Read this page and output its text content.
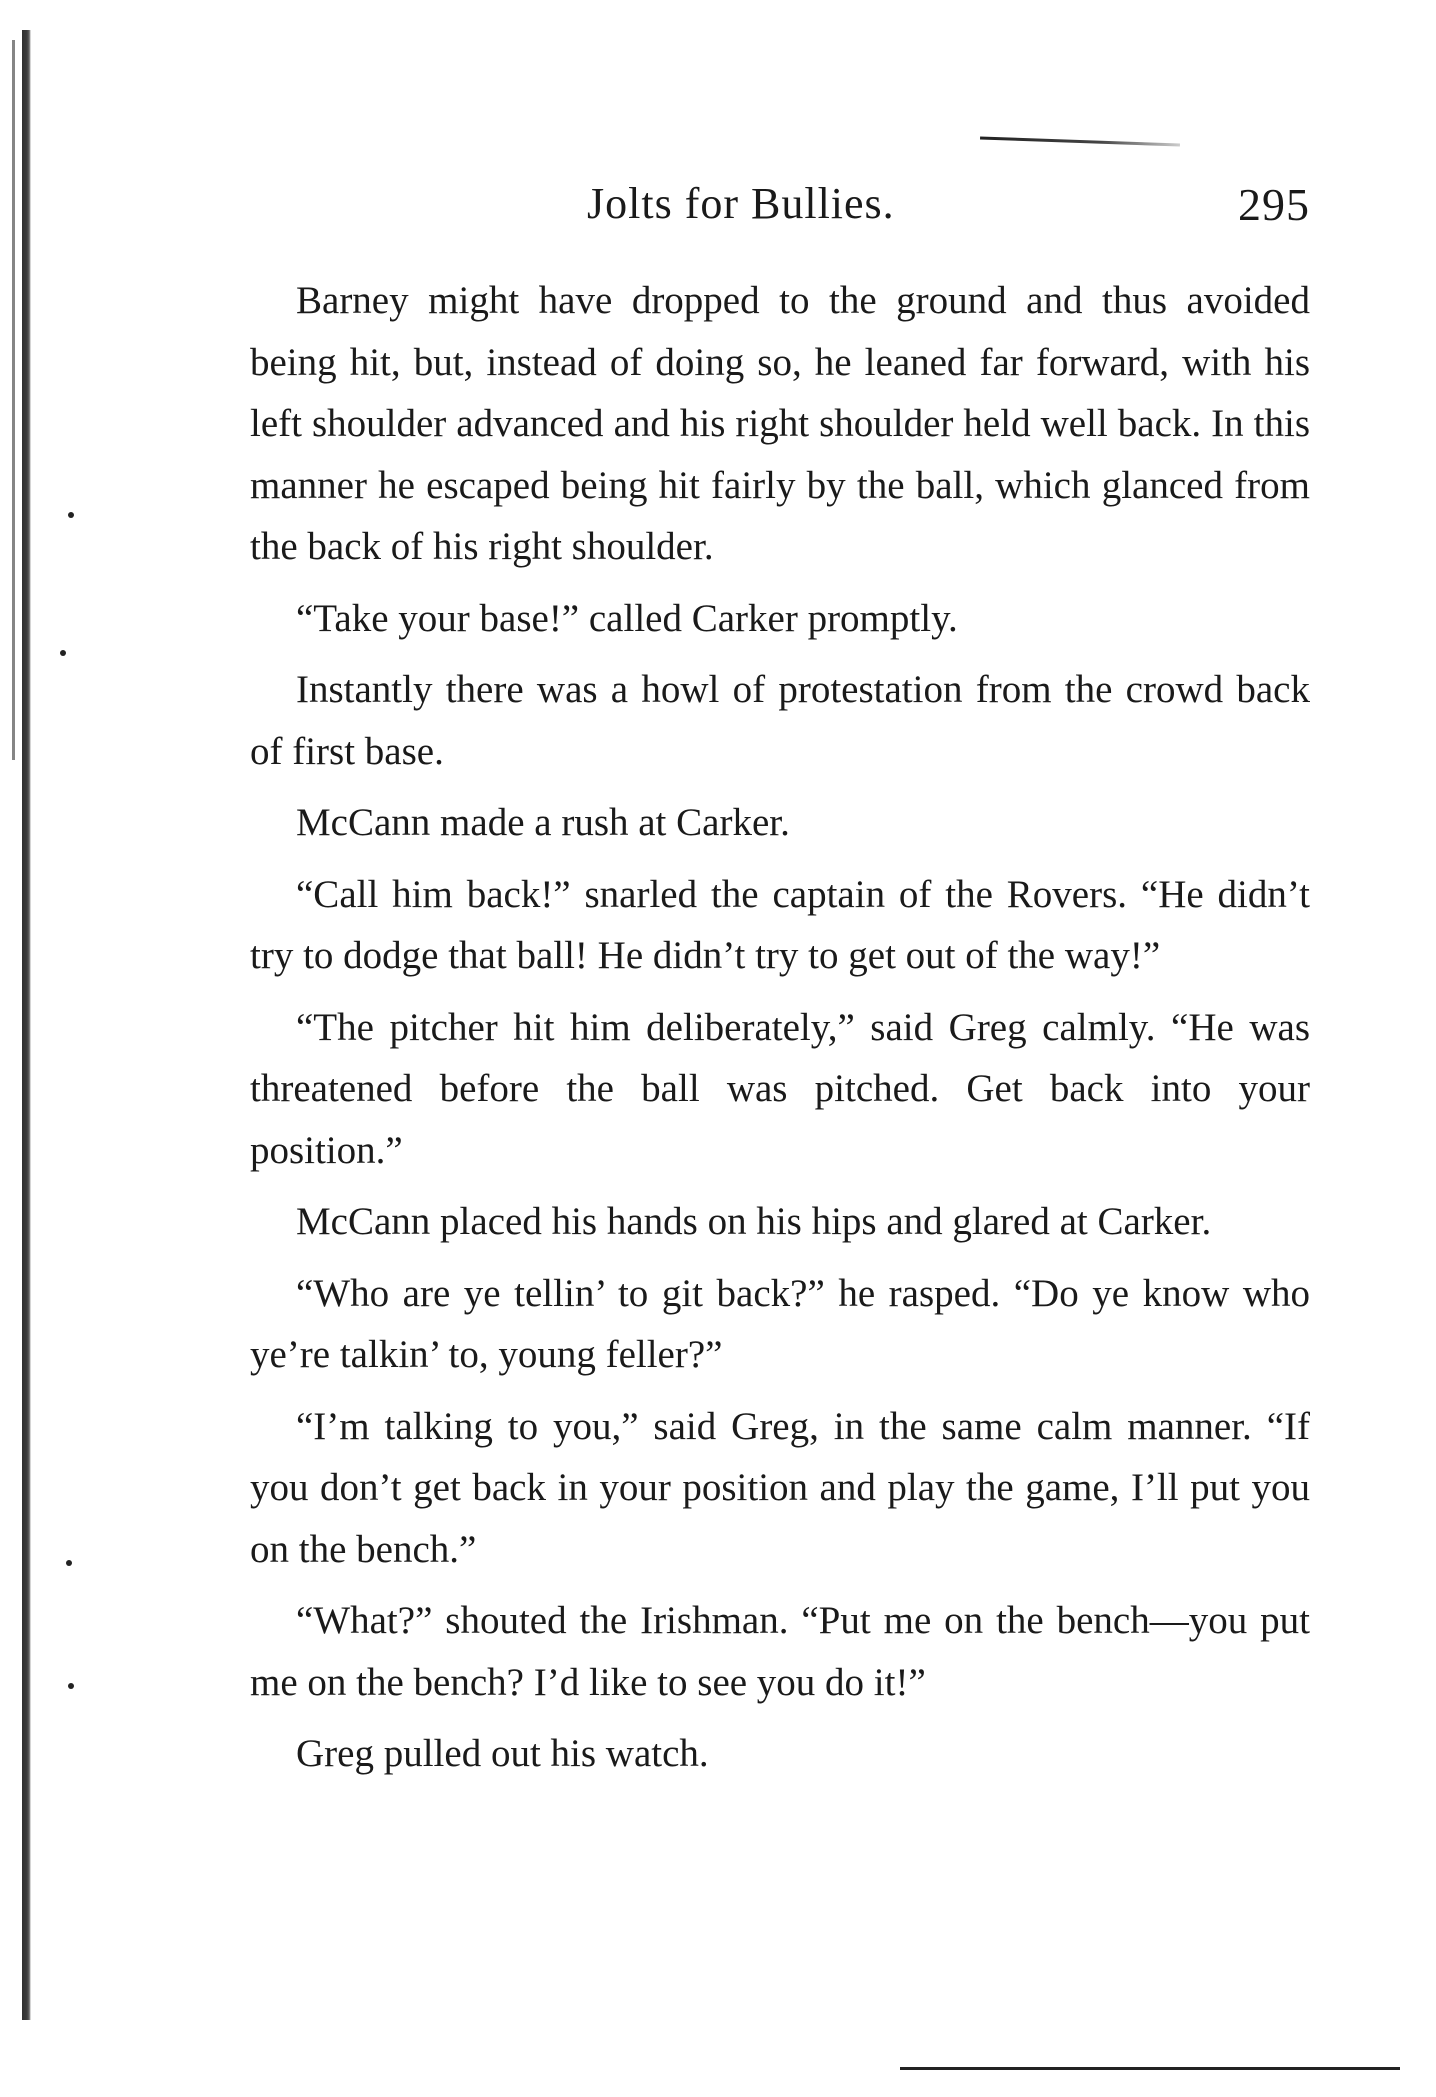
Jolts for Bullies.	295

Barney might have dropped to the ground and thus avoided being hit, but, instead of doing so, he leaned far forward, with his left shoulder advanced and his right shoulder held well back. In this manner he escaped being hit fairly by the ball, which glanced from the back of his right shoulder.

“Take your base!” called Carker promptly.

Instantly there was a howl of protestation from the crowd back of first base.

McCann made a rush at Carker.

“Call him back!” snarled the captain of the Rovers. “He didn’t try to dodge that ball! He didn’t try to get out of the way!”

“The pitcher hit him deliberately,” said Greg calmly. “He was threatened before the ball was pitched. Get back into your position.”

McCann placed his hands on his hips and glared at Carker.

“Who are ye tellin’ to git back?” he rasped. “Do ye know who ye’re talkin’ to, young feller?”

“I’m talking to you,” said Greg, in the same calm manner. “If you don’t get back in your position and play the game, I’ll put you on the bench.”

“What?” shouted the Irishman. “Put me on the bench—you put me on the bench? I’d like to see you do it!”

Greg pulled out his watch.
